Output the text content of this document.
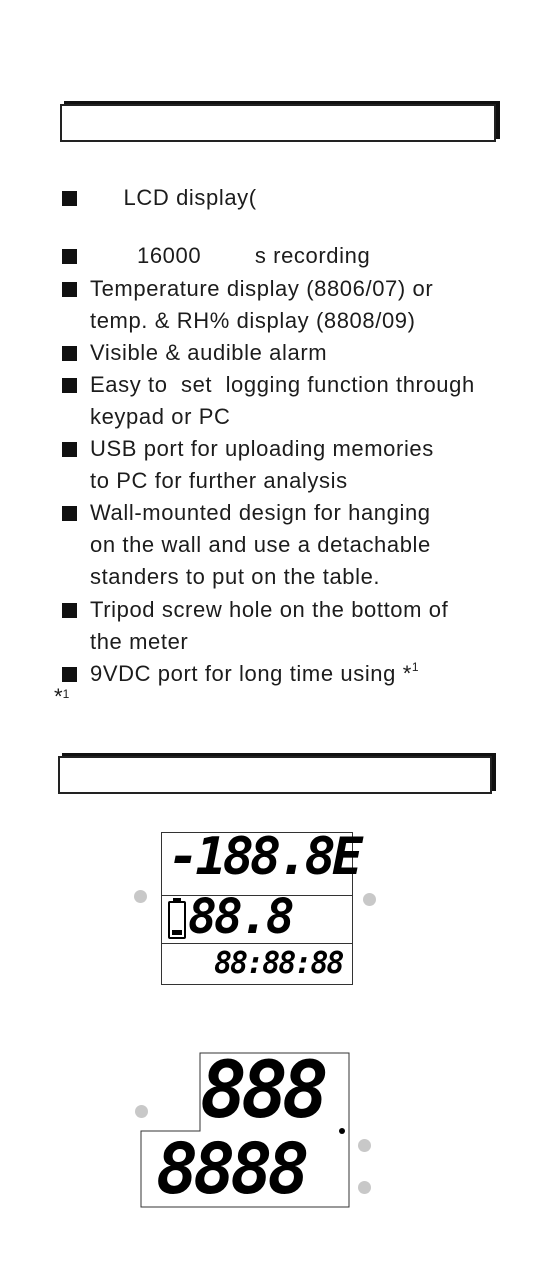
LCD display(
16000        s recording
Temperature display (8806/07) or
temp. & RH% display (8808/09)
Visible & audible alarm
Easy to  set  logging function through
keypad or PC
USB port for uploading memories
to PC for further analysis
Wall-mounted design for hanging
on the wall and use a detachable
standers to put on the table.
Tripod screw hole on the bottom of
the meter
9VDC port for long time using *$^1$
*$^1$
-188.8E
88.8
88:88:88
888
8888
